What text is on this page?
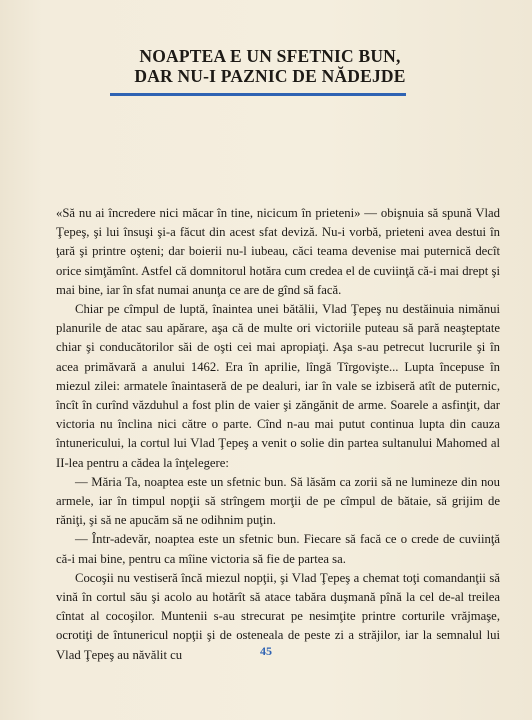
NOAPTEA E UN SFETNIC BUN,
DAR NU-I PAZNIC DE NĂDEJDE

«Să nu ai încredere nici măcar în tine, nicicum în prieteni» — obişnuia să spună Vlad Ţepeş, şi lui însuşi şi-a făcut din acest sfat deviză. Nu-i vorbă, prieteni avea destui în ţară şi printre oşteni; dar boierii nu-l iubeau, căci teama devenise mai puternică decît orice simţămînt. Astfel că domnitorul hotăra cum credea el de cuviinţă că-i mai drept şi mai bine, iar în sfat numai anunţa ce are de gînd să facă.

Chiar pe cîmpul de luptă, înaintea unei bătălii, Vlad Ţepeş nu destăinuia nimănui planurile de atac sau apărare, aşa că de multe ori victoriile puteau să pară neaşteptate chiar şi conducătorilor săi de oşti cei mai apropiaţi. Aşa s-au petrecut lucrurile şi în acea primăvară a anului 1462. Era în aprilie, lîngă Tîrgovişte... Lupta începuse în miezul zilei: armatele înaintaseră de pe dealuri, iar în vale se izbiseră atît de puternic, încît în curînd văzduhul a fost plin de vaier şi zăngănit de arme. Soarele a asfinţit, dar victoria nu înclina nici către o parte. Cînd n-au mai putut continua lupta din cauza întunericului, la cortul lui Vlad Ţepeş a venit o solie din partea sultanului Mahomed al II-lea pentru a cădea la înţelegere:

— Măria Ta, noaptea este un sfetnic bun. Să lăsăm ca zorii să ne lumineze din nou armele, iar în timpul nopţii să strîngem morţii de pe cîmpul de bătaie, să grijim de răniţi, şi să ne apucăm să ne odihnim puţin.

— Într-adevăr, noaptea este un sfetnic bun. Fiecare să facă ce o crede de cuviinţă că-i mai bine, pentru ca mîine victoria să fie de partea sa.

Cocoşii nu vestiseră încă miezul nopţii, şi Vlad Ţepeş a chemat toţi comandanţii să vină în cortul său şi acolo au hotărît să atace tabăra duşmană pînă la cel de-al treilea cîntat al cocoşilor. Muntenii s-au strecurat pe nesimţite printre corturile vrăjmaşe, ocrotiţi de întunericul nopţii şi de osteneala de peste zi a străjilor, iar la semnalul lui Vlad Ţepeş au năvălit cu	45
